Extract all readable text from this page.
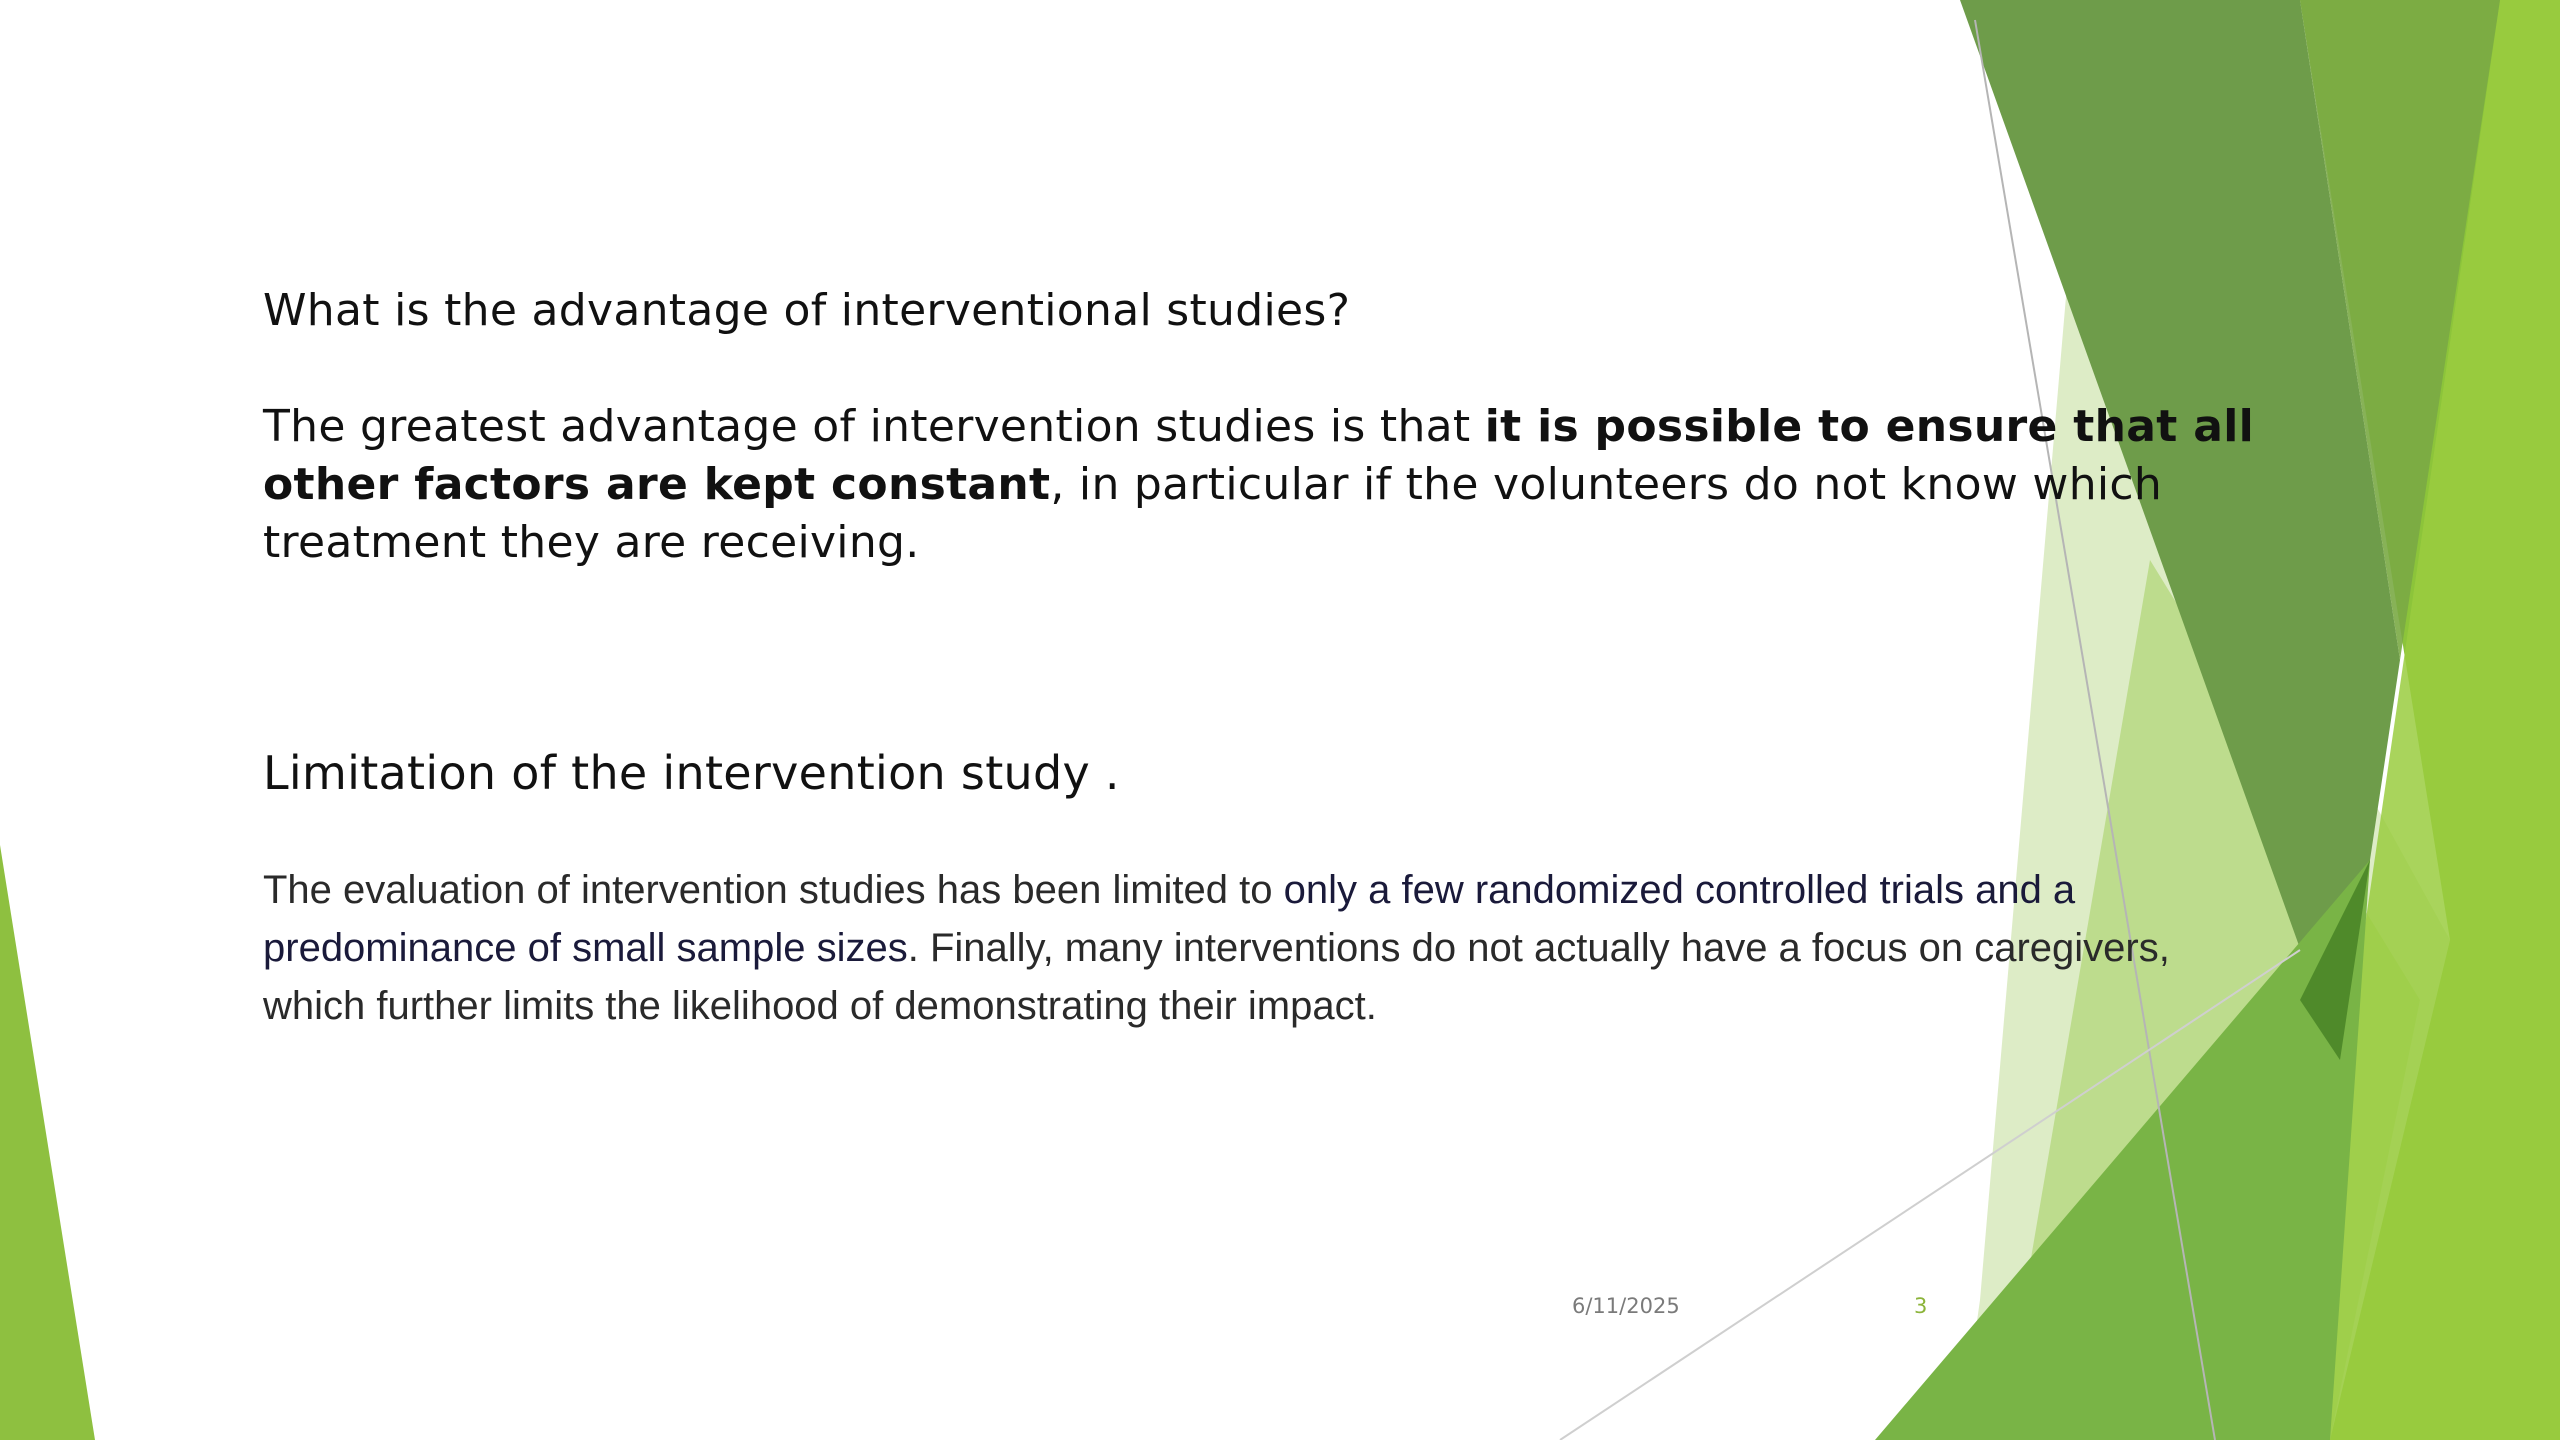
What is the advantage of interventional studies?
The greatest advantage of intervention studies is that it is possible to ensure that all other factors are kept constant, in particular if the volunteers do not know which treatment they are receiving.
Limitation of the intervention study .
The evaluation of intervention studies has been limited to only a few randomized controlled trials and a predominance of small sample sizes. Finally, many interventions do not actually have a focus on caregivers, which further limits the likelihood of demonstrating their impact.
6/11/2025	3
